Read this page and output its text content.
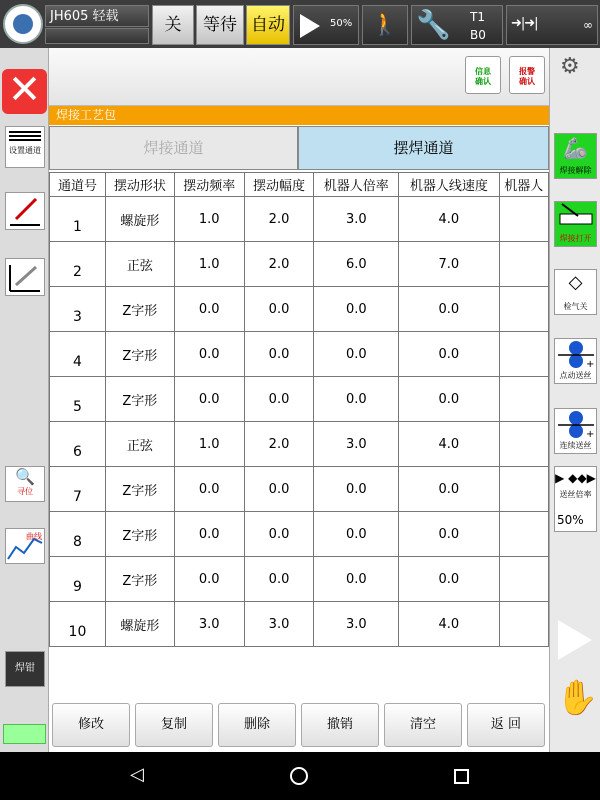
JH605 轻载	关	等待 自动	50% 🚶 🔧 T1
B0
➜|➜|	∞
✕
设置通道
🔍
寻位
曲线
焊钳
信息
确认
报警
确认
焊接工艺包
焊接通道	摆焊通道
通道号	摆动形状	摆动频率	摆动幅度	机器人倍率	机器人线速度	机器人
1	螺旋形	1.0	2.0	3.0	4.0	
2	正弦	1.0	2.0	6.0	7.0	
3	Z字形	0.0	0.0	0.0	0.0	
4	Z字形	0.0	0.0	0.0	0.0	
5	Z字形	0.0	0.0	0.0	0.0	
6	正弦	1.0	2.0	3.0	4.0	
7	Z字形	0.0	0.0	0.0	0.0	
8	Z字形	0.0	0.0	0.0	0.0	
9	Z字形	0.0	0.0	0.0	0.0	
10	螺旋形	3.0	3.0	3.0	4.0	
修改	复制	删除	撤销	清空	返 回
⚙
🦾
焊接解除
焊接打开
◇
检气关
+
点动送丝
+
连续送丝
▶ ◆◆▶
送丝倍率
50%
✋
◁
